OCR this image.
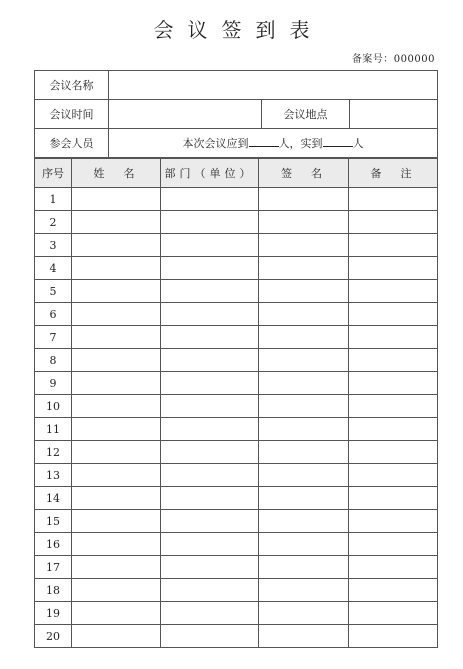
会议签到表
备案号：000000
会议名称			
会议时间		会议地点	
参会人员	本次会议应到 人，实到 人		
序号	姓　名	部门（单位）	签　名	备　注
1				
2				
3				
4				
5				
6				
7				
8				
9				
10				
11				
12				
13				
14				
15				
16				
17				
18				
19				
20				
